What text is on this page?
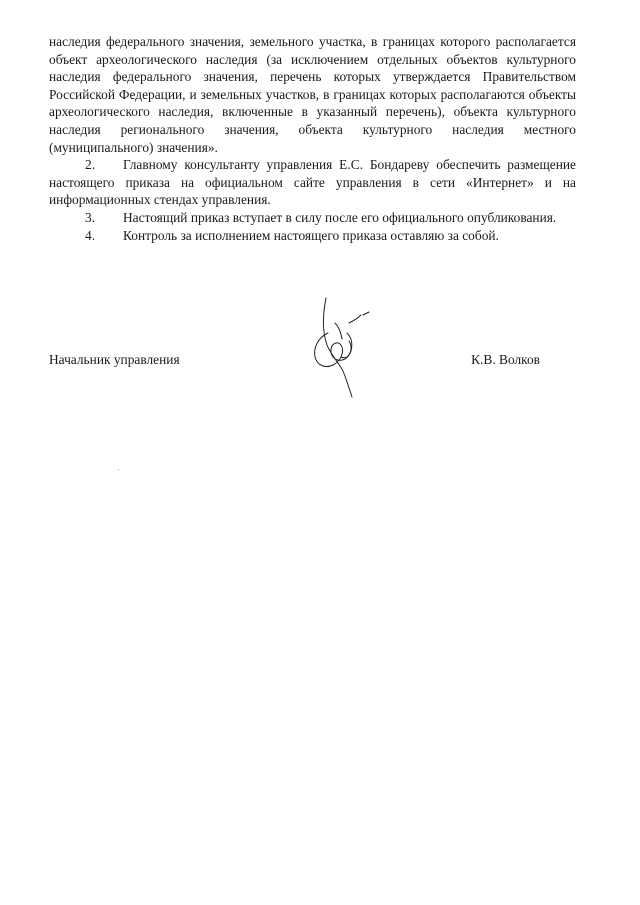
наследия федерального значения, земельного участка, в границах которого располагается объект археологического наследия (за исключением отдельных объектов культурного наследия федерального значения, перечень которых утверждается Правительством Российской Федерации, и земельных участков, в границах которых располагаются объекты археологического наследия, включенные в указанный перечень), объекта культурного наследия регионального значения, объекта культурного наследия местного (муниципального) значения».

2. Главному консультанту управления Е.С. Бондареву обеспечить размещение настоящего приказа на официальном сайте управления в сети «Интернет» и на информационных стендах управления.

3. Настоящий приказ вступает в силу после его официального опубликования.

4. Контроль за исполнением настоящего приказа оставляю за собой.

Начальник управления	К.В. Волков
